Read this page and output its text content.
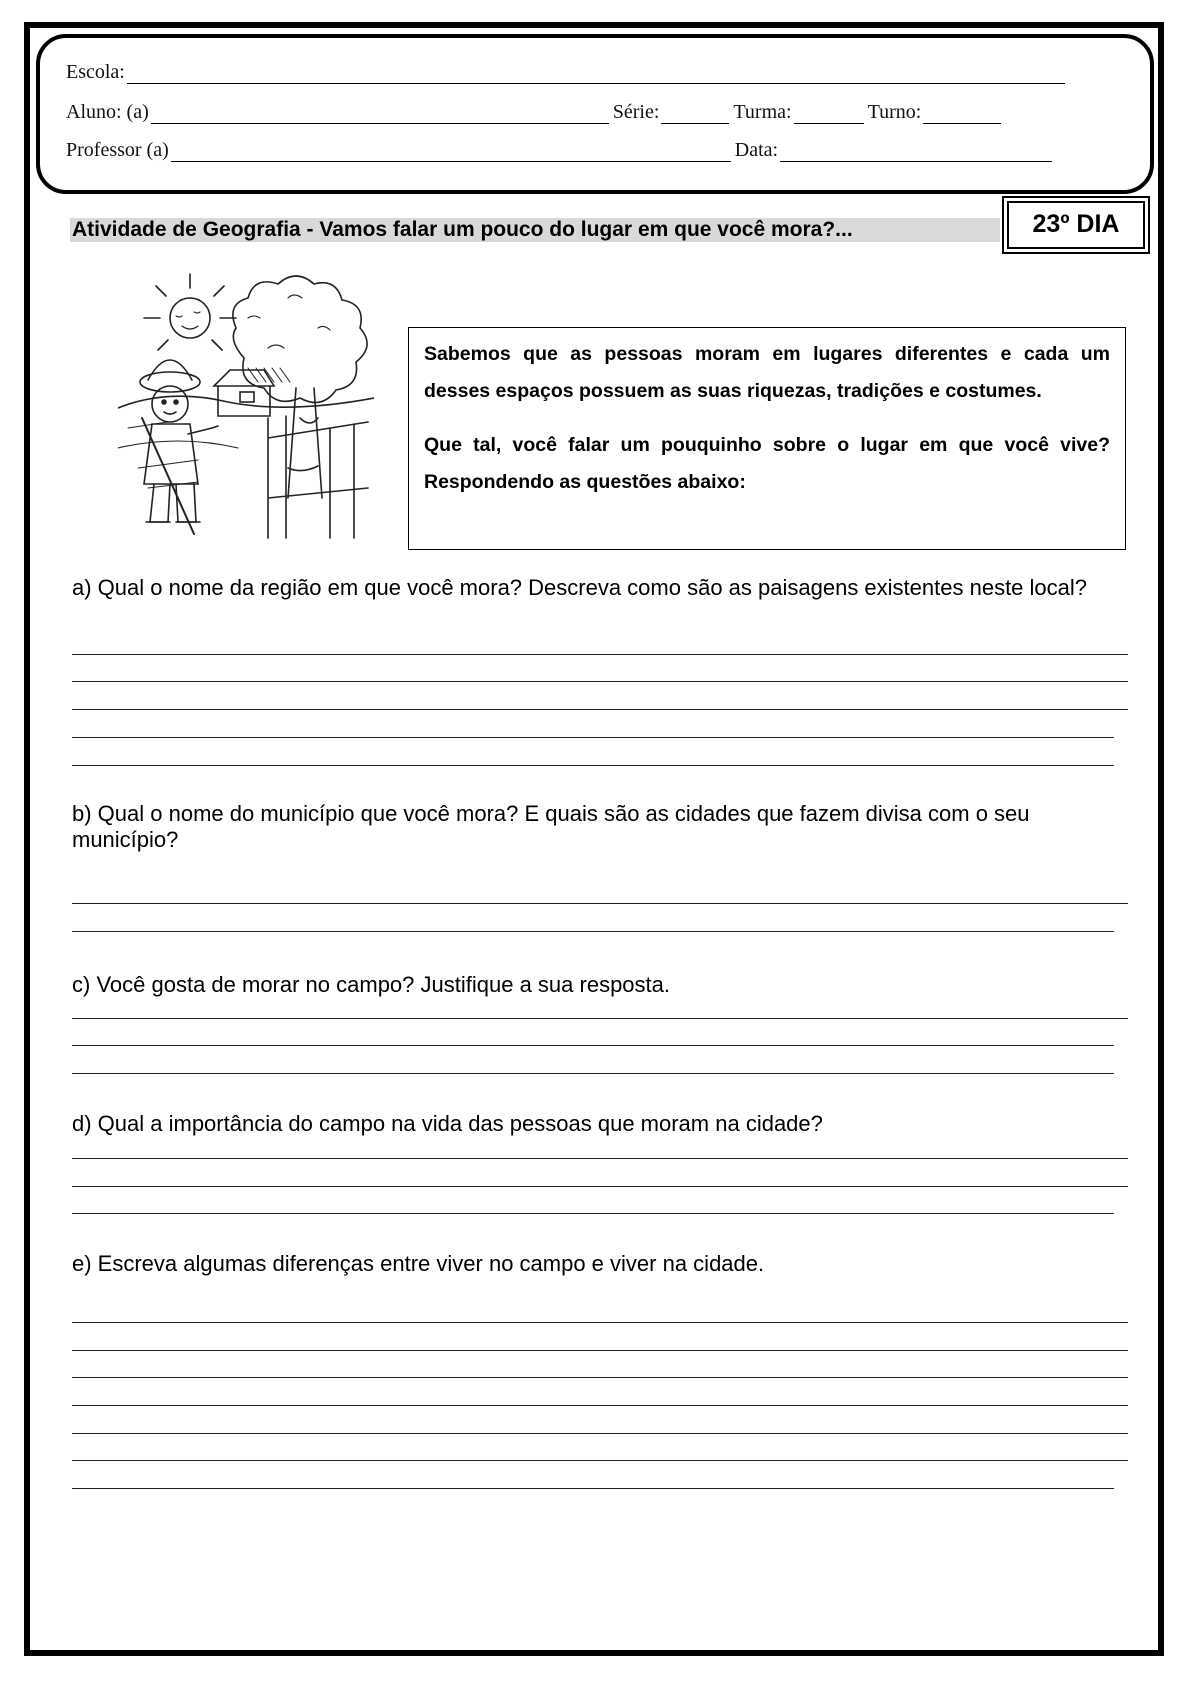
Escola:
Aluno: (a)	Série:	Turma:	Turno:
Professor (a)	Data:
Atividade de Geografia - Vamos falar um pouco do lugar em que você mora?...	23º DIA

Sabemos que as pessoas moram em lugares diferentes e cada um desses espaços possuem as suas riquezas, tradições e costumes.

Que tal, você falar um pouquinho sobre o lugar em que você vive? Respondendo as questões abaixo:

a) Qual o nome da região em que você mora? Descreva como são as paisagens existentes neste local?
b) Qual o nome do município que você mora? E quais são as cidades que fazem divisa com o seu município?
c) Você gosta de morar no campo? Justifique a sua resposta.
d) Qual a importância do campo na vida das pessoas que moram na cidade?
e) Escreva algumas diferenças entre viver no campo e viver na cidade.
